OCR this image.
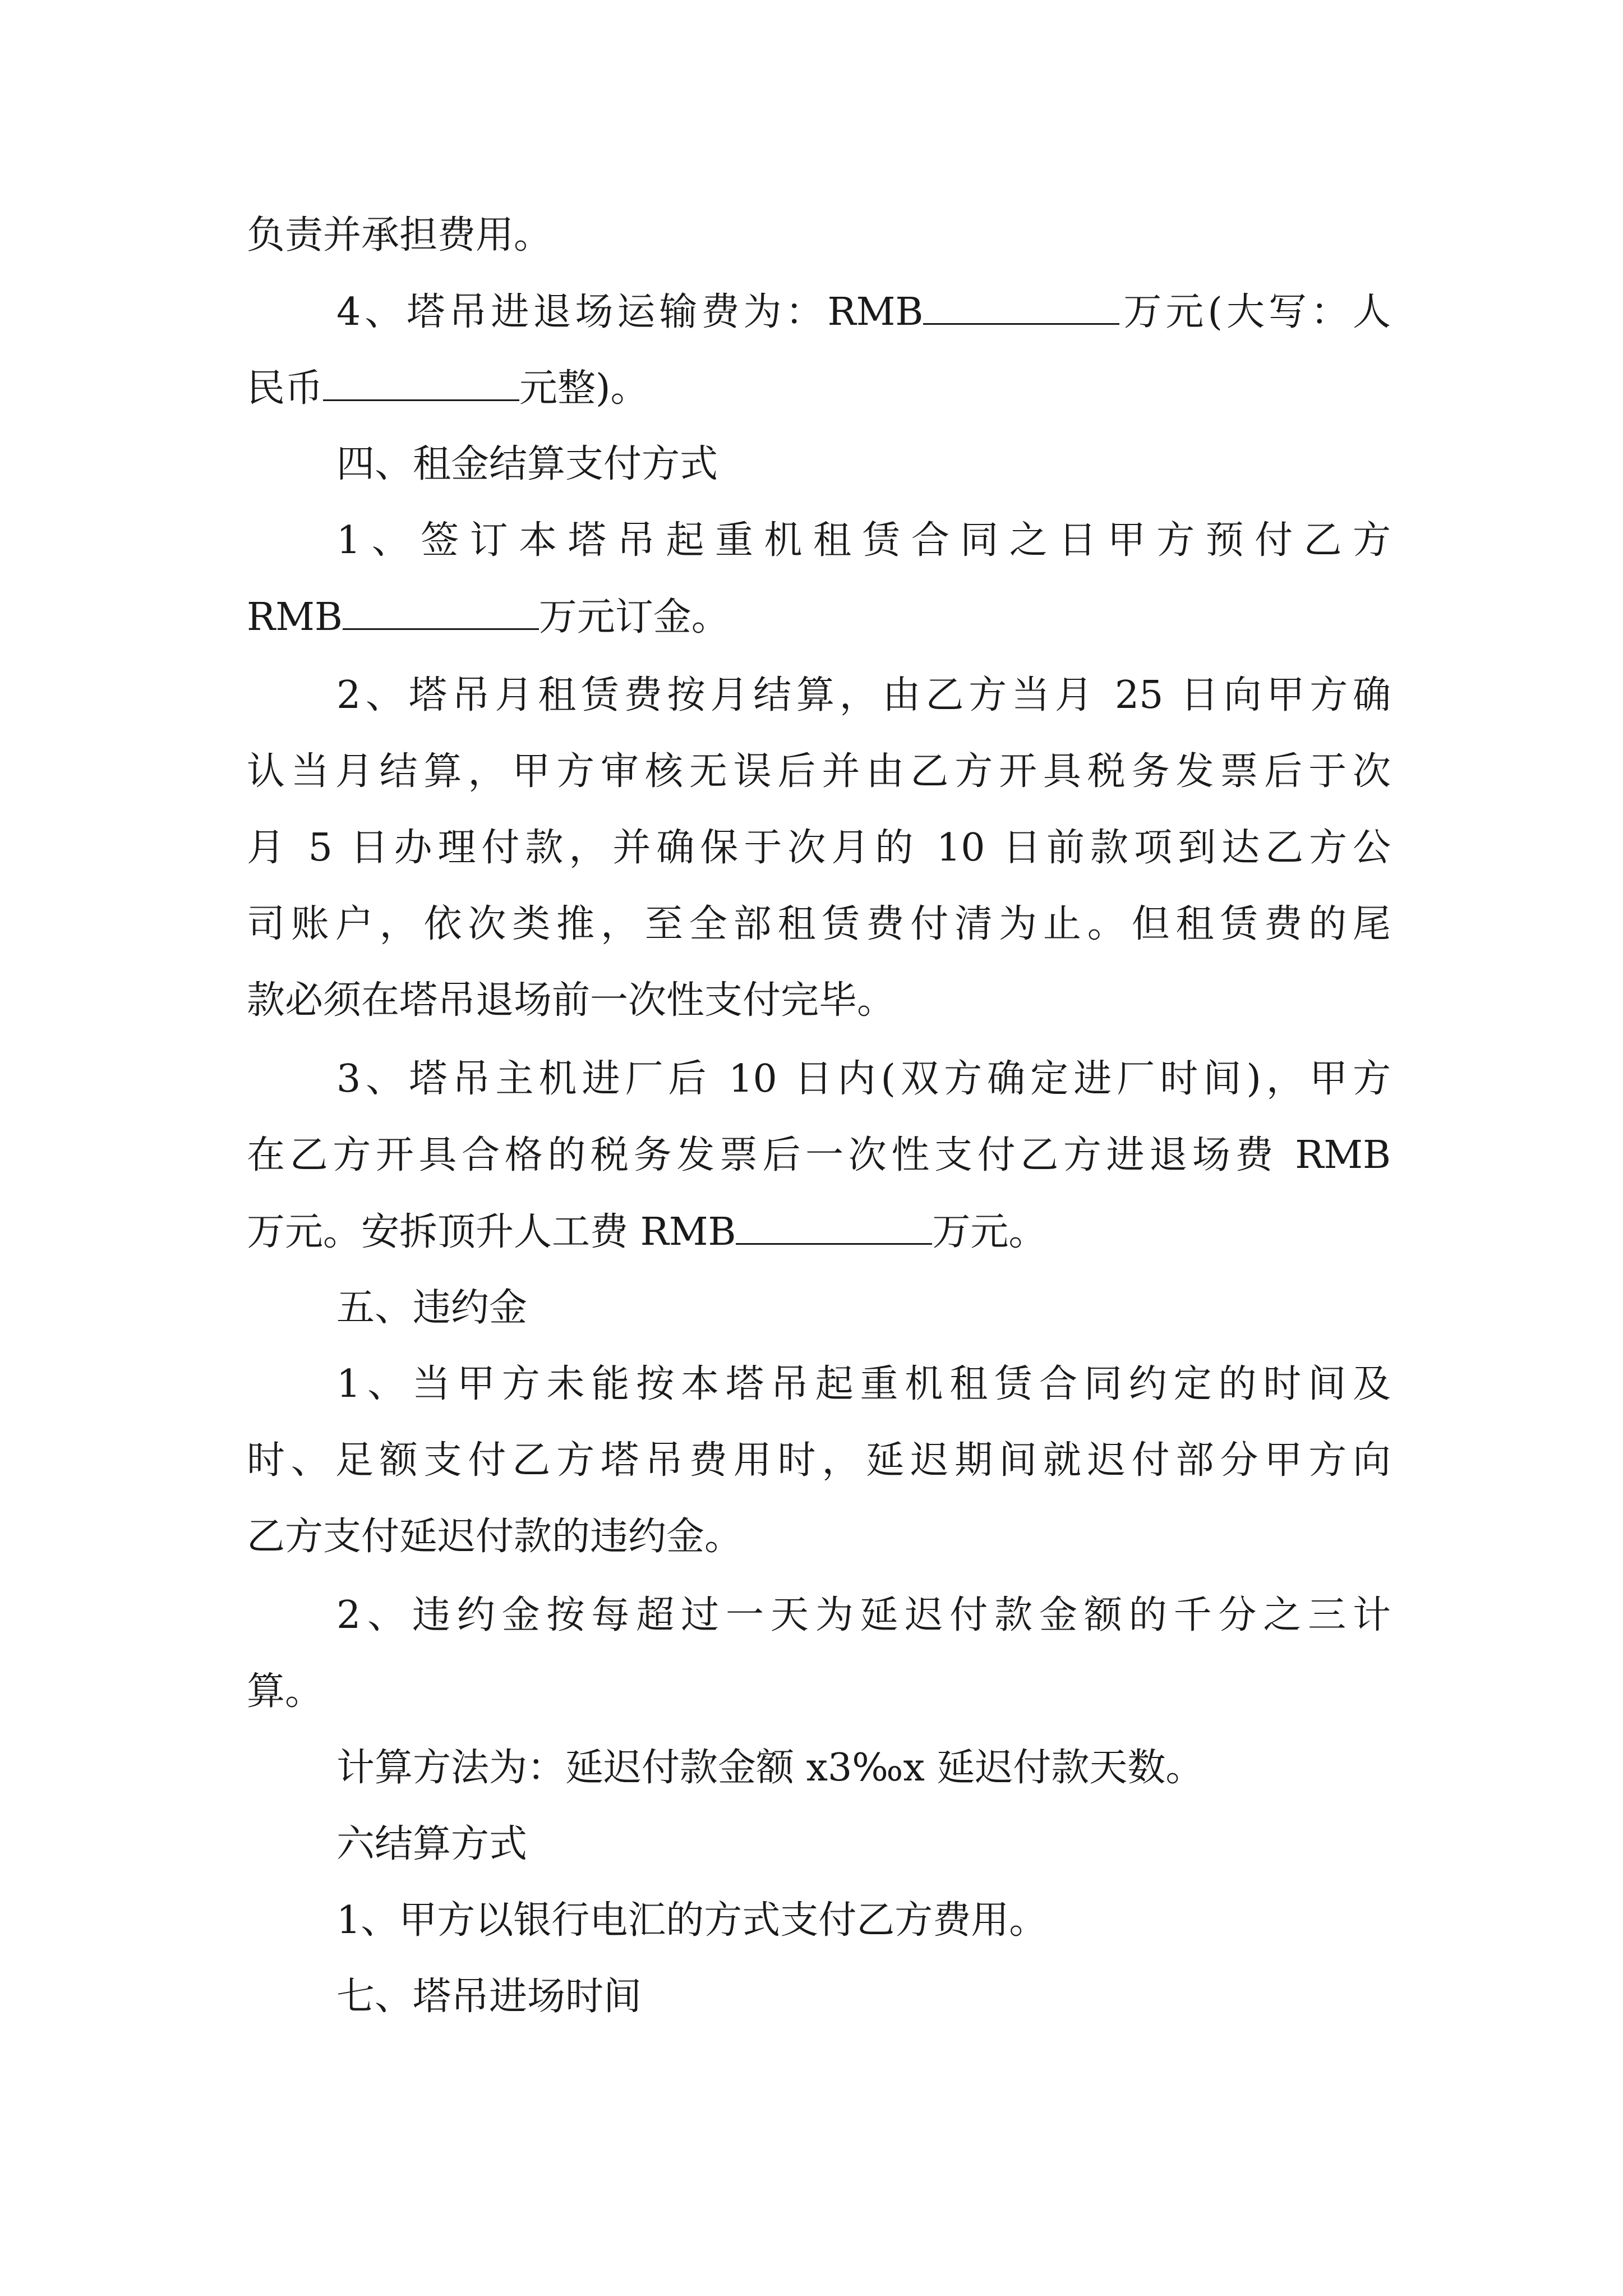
负责并承担费用。
4、塔吊进退场运输费为：RMB	万元(大写：人
民币	元整)。
四、租金结算支付方式
1、签订本塔吊起重机租赁合同之日甲方预付乙方
RMB	万元订金。
2、塔吊月租赁费按月结算，由乙方当月 25 日向甲方确
认当月结算，甲方审核无误后并由乙方开具税务发票后于次
月 5 日办理付款，并确保于次月的 10 日前款项到达乙方公
司账户，依次类推，至全部租赁费付清为止。但租赁费的尾
款必须在塔吊退场前一次性支付完毕。
3、塔吊主机进厂后 10 日内(双方确定进厂时间)，甲方
在乙方开具合格的税务发票后一次性支付乙方进退场费 RMB
万元。安拆顶升人工费 RMB	万元。
五、违约金
1、当甲方未能按本塔吊起重机租赁合同约定的时间及
时、足额支付乙方塔吊费用时，延迟期间就迟付部分甲方向
乙方支付延迟付款的违约金。
2、违约金按每超过一天为延迟付款金额的千分之三计
算。
计算方法为：延迟付款金额 x3‰x 延迟付款天数。
六结算方式
1、甲方以银行电汇的方式支付乙方费用。
七、塔吊进场时间
